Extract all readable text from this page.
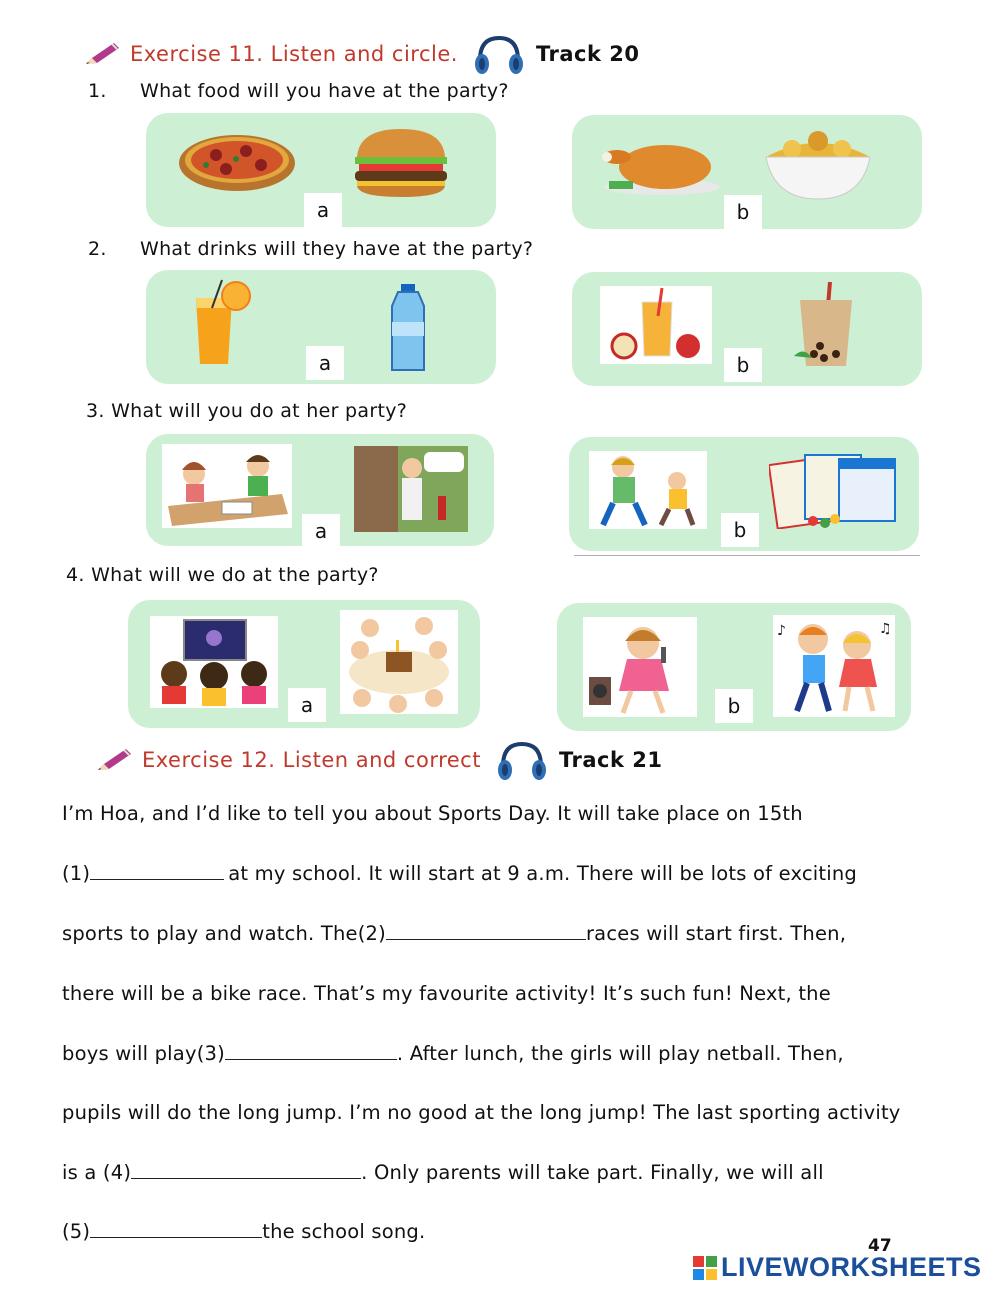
Exercise 11. Listen and circle.	Track 20
1. What food will you have at the party?
a	b
2. What drinks will they have at the party?
a	b
3. What will you do at her party?
a	b
4. What will we do at the party?
a
♪	♫
b
Exercise 12. Listen and correct	Track 21
I’m Hoa, and I’d like to tell you about Sports Day. It will take place on 15th
(1)	at my school. It will start at 9 a.m. There will be lots of exciting
sports to play and watch. The(2)	races will start first. Then,
there will be a bike race. That’s my favourite activity! It’s such fun! Next, the
boys will play(3)	. After lunch, the girls will play netball. Then,
pupils will do the long jump. I’m no good at the long jump! The last sporting activity
is a (4)	. Only parents will take part. Finally, we will all
(5)	the school song.
47
LIVEWORKSHEETS
